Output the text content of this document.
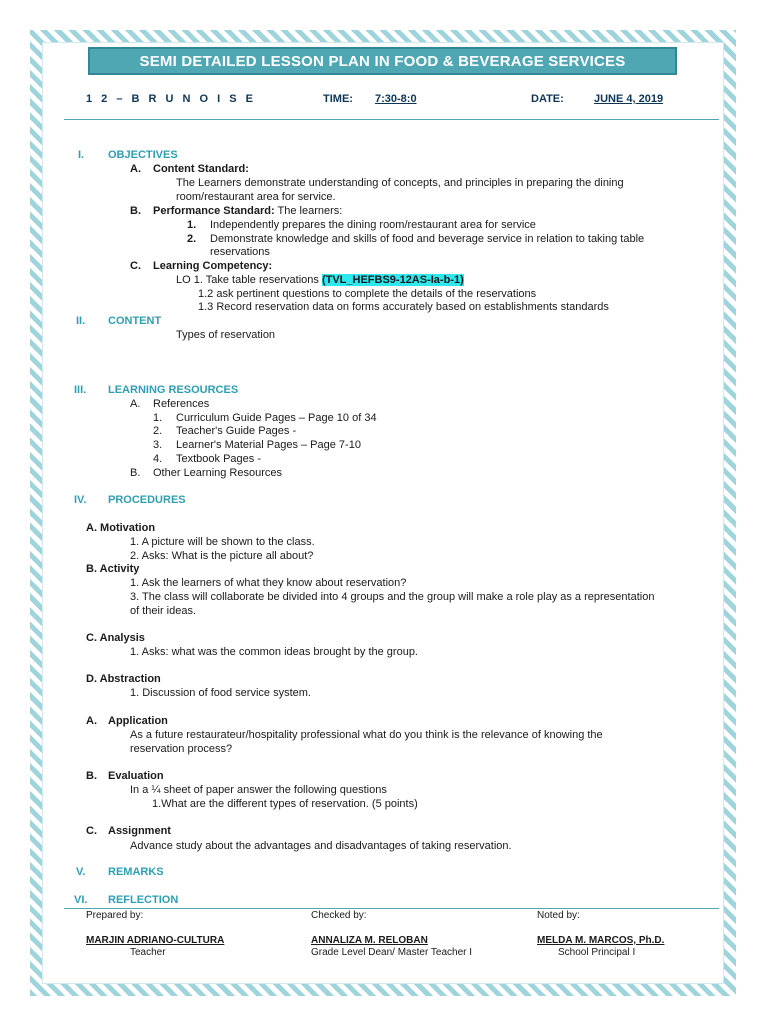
SEMI DETAILED LESSON PLAN IN FOOD & BEVERAGE SERVICES
1 2 – B R U N O I S E	TIME: 7:30-8:0	DATE:	JUNE 4, 2019
I. OBJECTIVES
A. Content Standard:
The Learners demonstrate understanding of concepts, and principles in preparing the dining
room/restaurant area for service.
B. Performance Standard: The learners:
1. Independently prepares the dining room/restaurant area for service
2. Demonstrate knowledge and skills of food and beverage service in relation to taking table
reservations
C. Learning Competency:
LO 1. Take table reservations (TVL_HEFBS9-12AS-Ia-b-1)
1.2 ask pertinent questions to complete the details of the reservations
1.3 Record reservation data on forms accurately based on establishments standards
II. CONTENT
Types of reservation
III. LEARNING RESOURCES
A. References
1. Curriculum Guide Pages – Page 10 of 34
2. Teacher's Guide Pages -
3. Learner's Material Pages – Page 7-10
4. Textbook Pages -
B. Other Learning Resources
IV. PROCEDURES
A. Motivation
1. A picture will be shown to the class.
2. Asks: What is the picture all about?
B. Activity
1. Ask the learners of what they know about reservation?
3. The class will collaborate be divided into 4 groups and the group will make a role play as a representation
of their ideas.
C. Analysis
1. Asks: what was the common ideas brought by the group.
D. Abstraction
1. Discussion of food service system.
A. Application
As a future restaurateur/hospitality professional what do you think is the relevance of knowing the
reservation process?
B. Evaluation
In a ¼ sheet of paper answer the following questions
1.What are the different types of reservation. (5 points)
C. Assignment
Advance study about the advantages and disadvantages of taking reservation.
V. REMARKS
VI. REFLECTION
Prepared by:
MARJIN ADRIANO-CULTURA
Teacher
Checked by:
ANNALIZA M. RELOBAN
Grade Level Dean/ Master Teacher I
Noted by:
MELDA M. MARCOS, Ph.D.
School Principal I
